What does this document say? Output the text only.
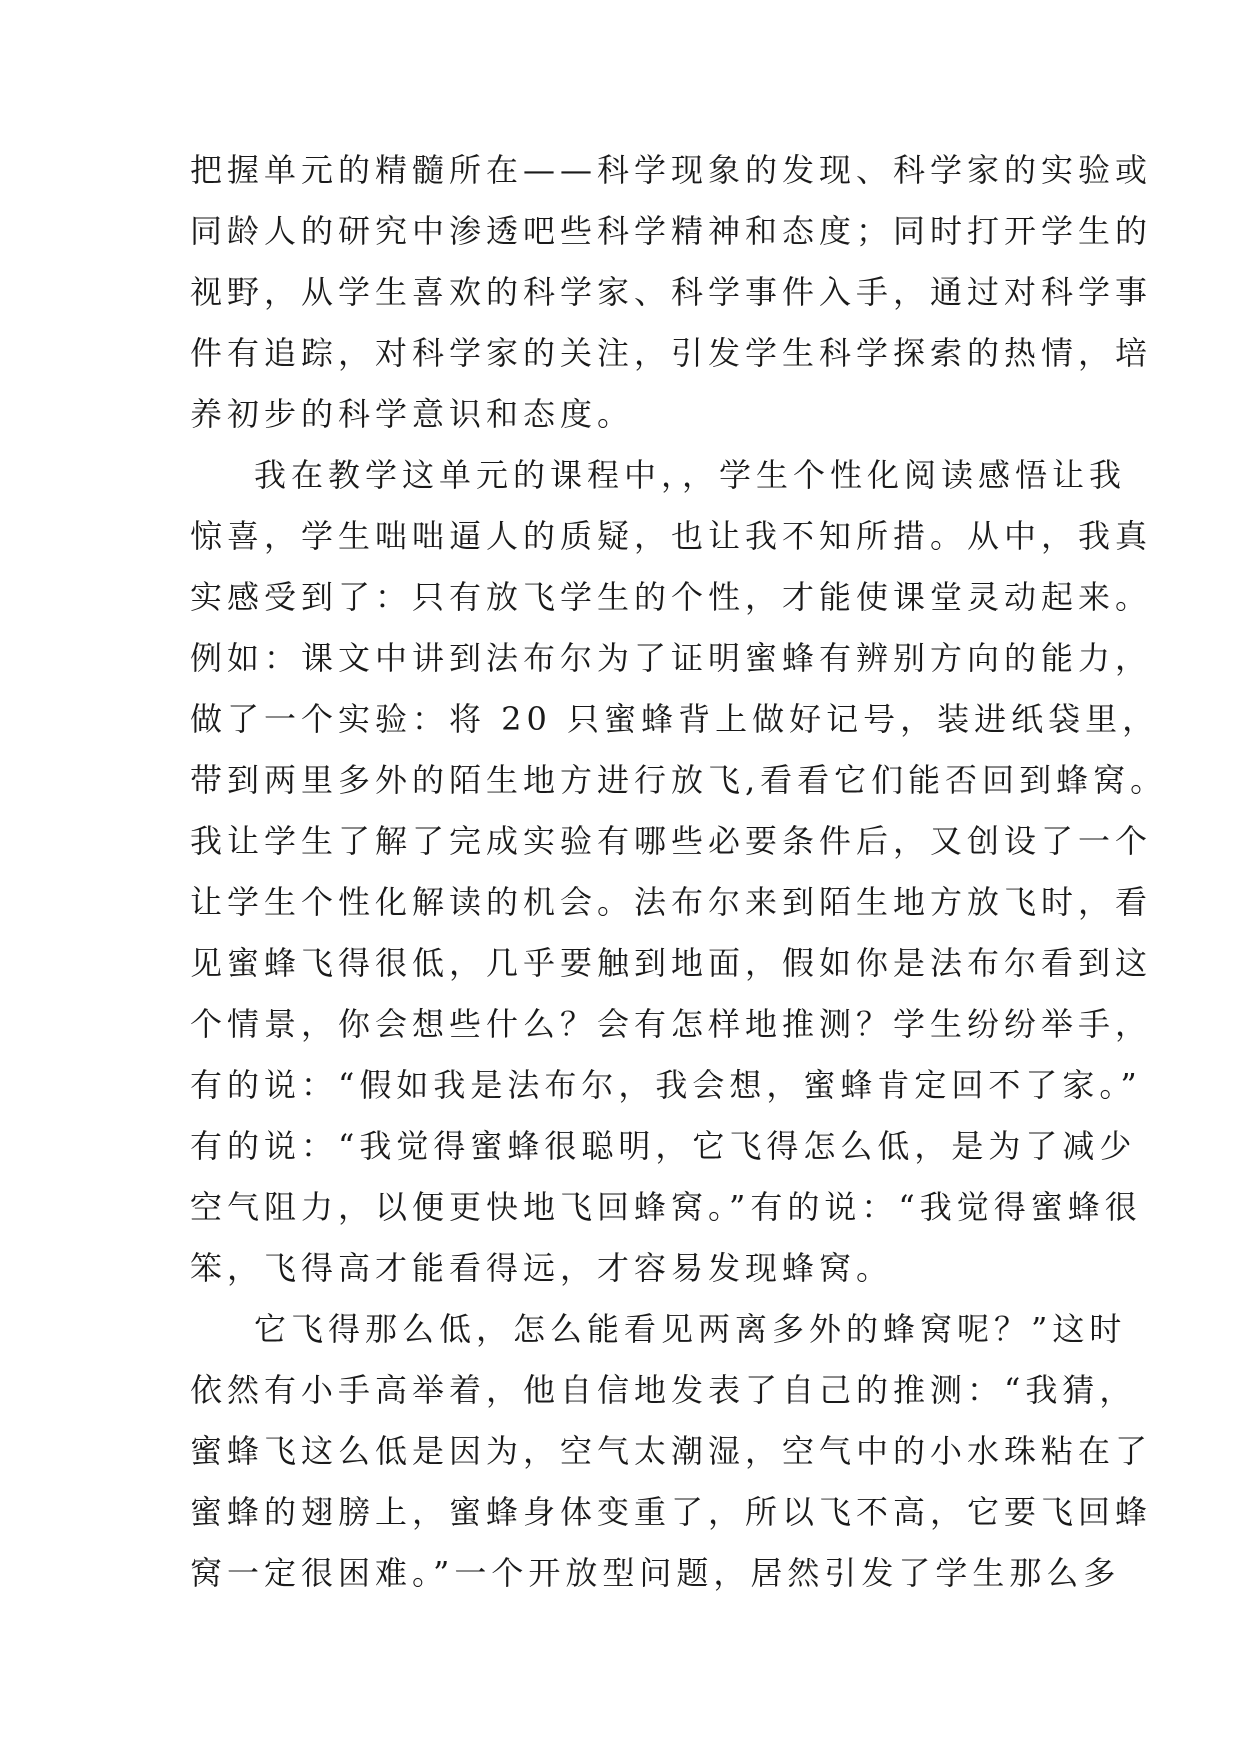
把握单元的精髓所在——科学现象的发现、科学家的实验或
同龄人的研究中渗透吧些科学精神和态度；同时打开学生的
视野，从学生喜欢的科学家、科学事件入手，通过对科学事
件有追踪，对科学家的关注，引发学生科学探索的热情，培
养初步的科学意识和态度。
我在教学这单元的课程中，，学生个性化阅读感悟让我
惊喜，学生咄咄逼人的质疑，也让我不知所措。从中，我真
实感受到了：只有放飞学生的个性，才能使课堂灵动起来。
例如：课文中讲到法布尔为了证明蜜蜂有辨别方向的能力，
做了一个实验：将 20 只蜜蜂背上做好记号，装进纸袋里，
带到两里多外的陌生地方进行放飞,看看它们能否回到蜂窝。
我让学生了解了完成实验有哪些必要条件后，又创设了一个
让学生个性化解读的机会。法布尔来到陌生地方放飞时，看
见蜜蜂飞得很低，几乎要触到地面，假如你是法布尔看到这
个情景，你会想些什么？会有怎样地推测？学生纷纷举手，
有的说：“假如我是法布尔，我会想，蜜蜂肯定回不了家。”
有的说：“我觉得蜜蜂很聪明，它飞得怎么低，是为了减少
空气阻力，以便更快地飞回蜂窝。”有的说：“我觉得蜜蜂很
笨，飞得高才能看得远，才容易发现蜂窝。
它飞得那么低，怎么能看见两离多外的蜂窝呢？”这时
依然有小手高举着，他自信地发表了自己的推测：“我猜，
蜜蜂飞这么低是因为，空气太潮湿，空气中的小水珠粘在了
蜜蜂的翅膀上，蜜蜂身体变重了，所以飞不高，它要飞回蜂
窝一定很困难。”一个开放型问题，居然引发了学生那么多
